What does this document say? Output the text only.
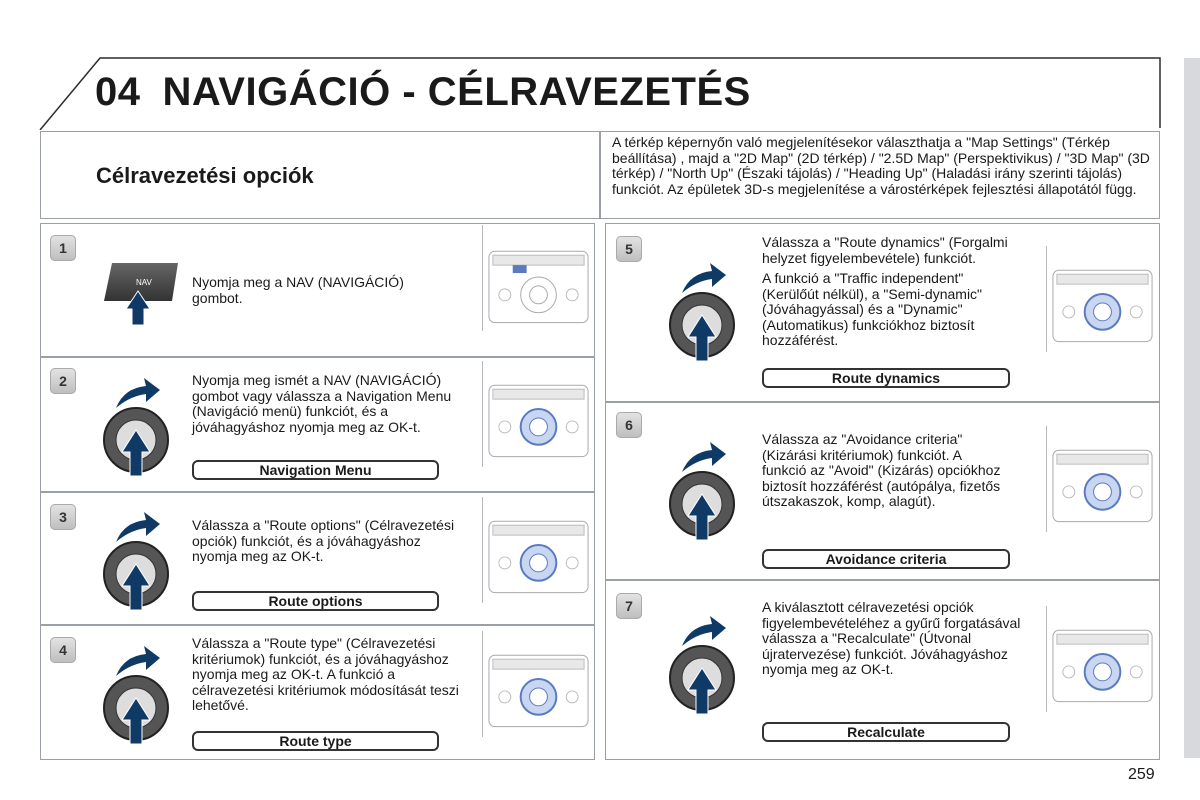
04 NAVIGÁCIÓ - CÉLRAVEZETÉS
Célravezetési opciók
A térkép képernyőn való megjelenítésekor választhatja a "Map Settings" (Térkép beállítása) , majd a "2D Map" (2D térkép) / "2.5D Map" (Perspektivikus) / "3D Map" (3D térkép) / "North Up" (Északi tájolás) / "Heading Up" (Haladási irány szerinti tájolás) funkciót. Az épületek 3D-s megjelenítése a várostérképek fejlesztési állapotától függ.
1
NAV	Nyomja meg a NAV (NAVIGÁCIÓ) gombot.
2	Nyomja meg ismét a NAV (NAVIGÁCIÓ) gombot vagy válassza a Navigation Menu (Navigáció menü) funkciót, és a jóváhagyáshoz nyomja meg az OK-t.
Navigation Menu
3	Válassza a "Route options" (Célravezetési opciók) funkciót, és a jóváhagyáshoz nyomja meg az OK-t.
Route options
4	Válassza a "Route type" (Célravezetési kritériumok) funkciót, és a jóváhagyáshoz nyomja meg az OK-t. A funkció a célravezetési kritériumok módosítását teszi lehetővé.
Route type
5	Válassza a "Route dynamics" (Forgalmi helyzet figyelembevétele) funkciót.
A funkció a "Traffic independent" (Kerülőút nélkül), a "Semi-dynamic" (Jóváhagyással) és a "Dynamic" (Automatikus) funkciókhoz biztosít hozzáférést.
Route dynamics
6
Válassza az "Avoidance criteria" (Kizárási kritériumok) funkciót. A funkció az "Avoid" (Kizárás) opciókhoz biztosít hozzáférést (autópálya, fizetős útszakaszok, komp, alagút).
Avoidance criteria
7	A kiválasztott célravezetési opciók figyelembevételéhez a gyűrű forgatásával válassza a "Recalculate" (Útvonal újratervezése) funkciót. Jóváhagyáshoz nyomja meg az OK-t.
Recalculate
259
